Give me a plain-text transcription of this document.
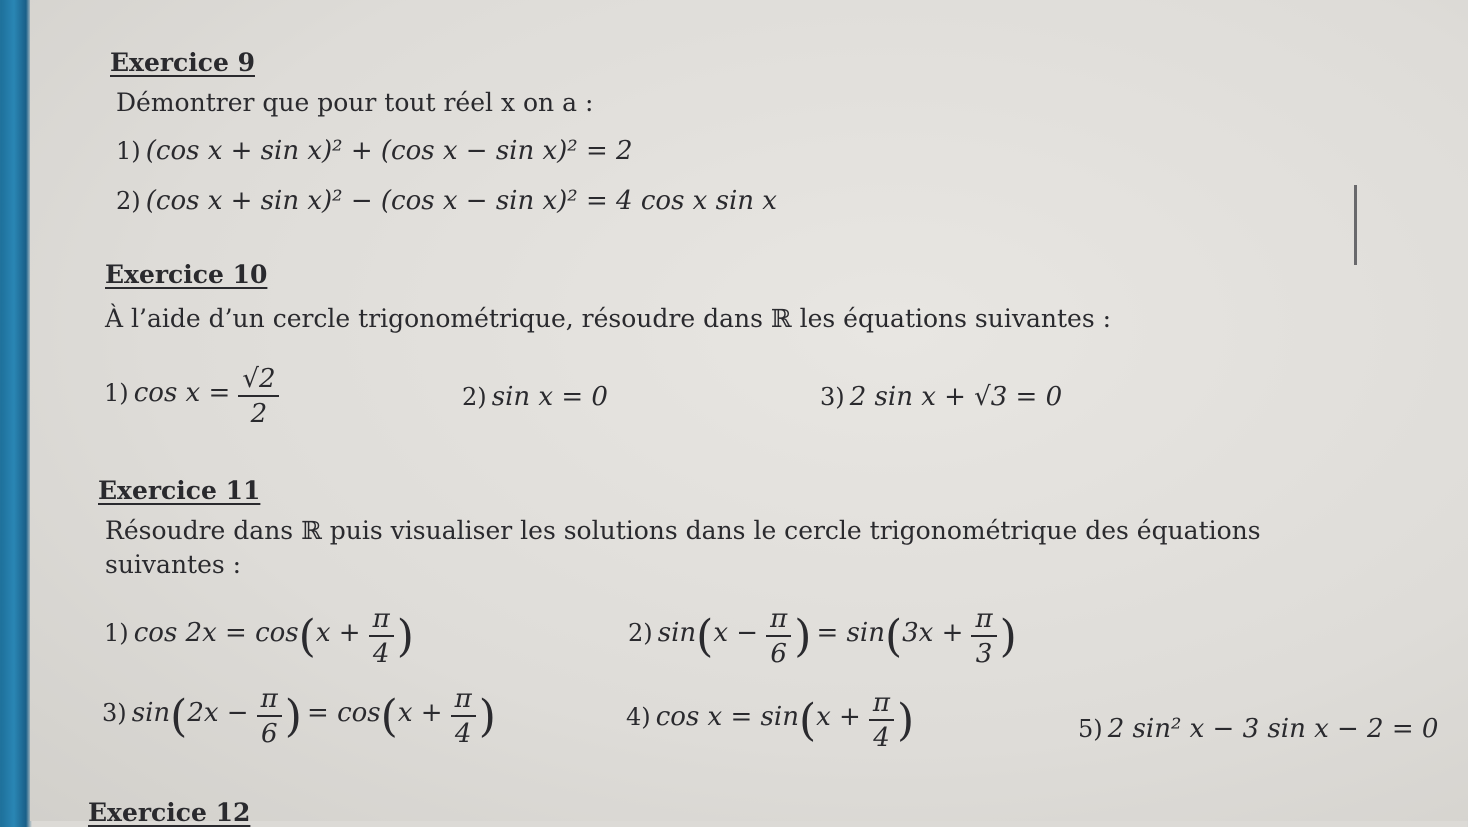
Exercice 9
Démontrer que pour tout réel x on a :
1) (cos x + sin x)² + (cos x − sin x)² = 2
2) (cos x + sin x)² − (cos x − sin x)² = 4 cos x sin x
Exercice 10
À l’aide d’un cercle trigonométrique, résoudre dans ℝ les équations suivantes :
1) $\cos x = \frac{√2}{2}$	2) sin x = 0	3) 2 sin x + √3 = 0
Exercice 11
Résoudre dans ℝ puis visualiser les solutions dans le cercle trigonométrique des équations
suivantes :
1) $\cos 2x = \cos(x + \frac{\pi}{4}$ )	2) $\sin(x - \frac{\pi}{6}$ ) = $\sin(3x + \frac{\pi}{3}$ )
3) $\sin(2x - \frac{\pi}{6}$ ) = $\cos(x + \frac{\pi}{4}$ )	4) $\cos x = \sin(x + \frac{\pi}{4}$ )	5) 2 sin² x − 3 sin x − 2 = 0
Exercice 12
